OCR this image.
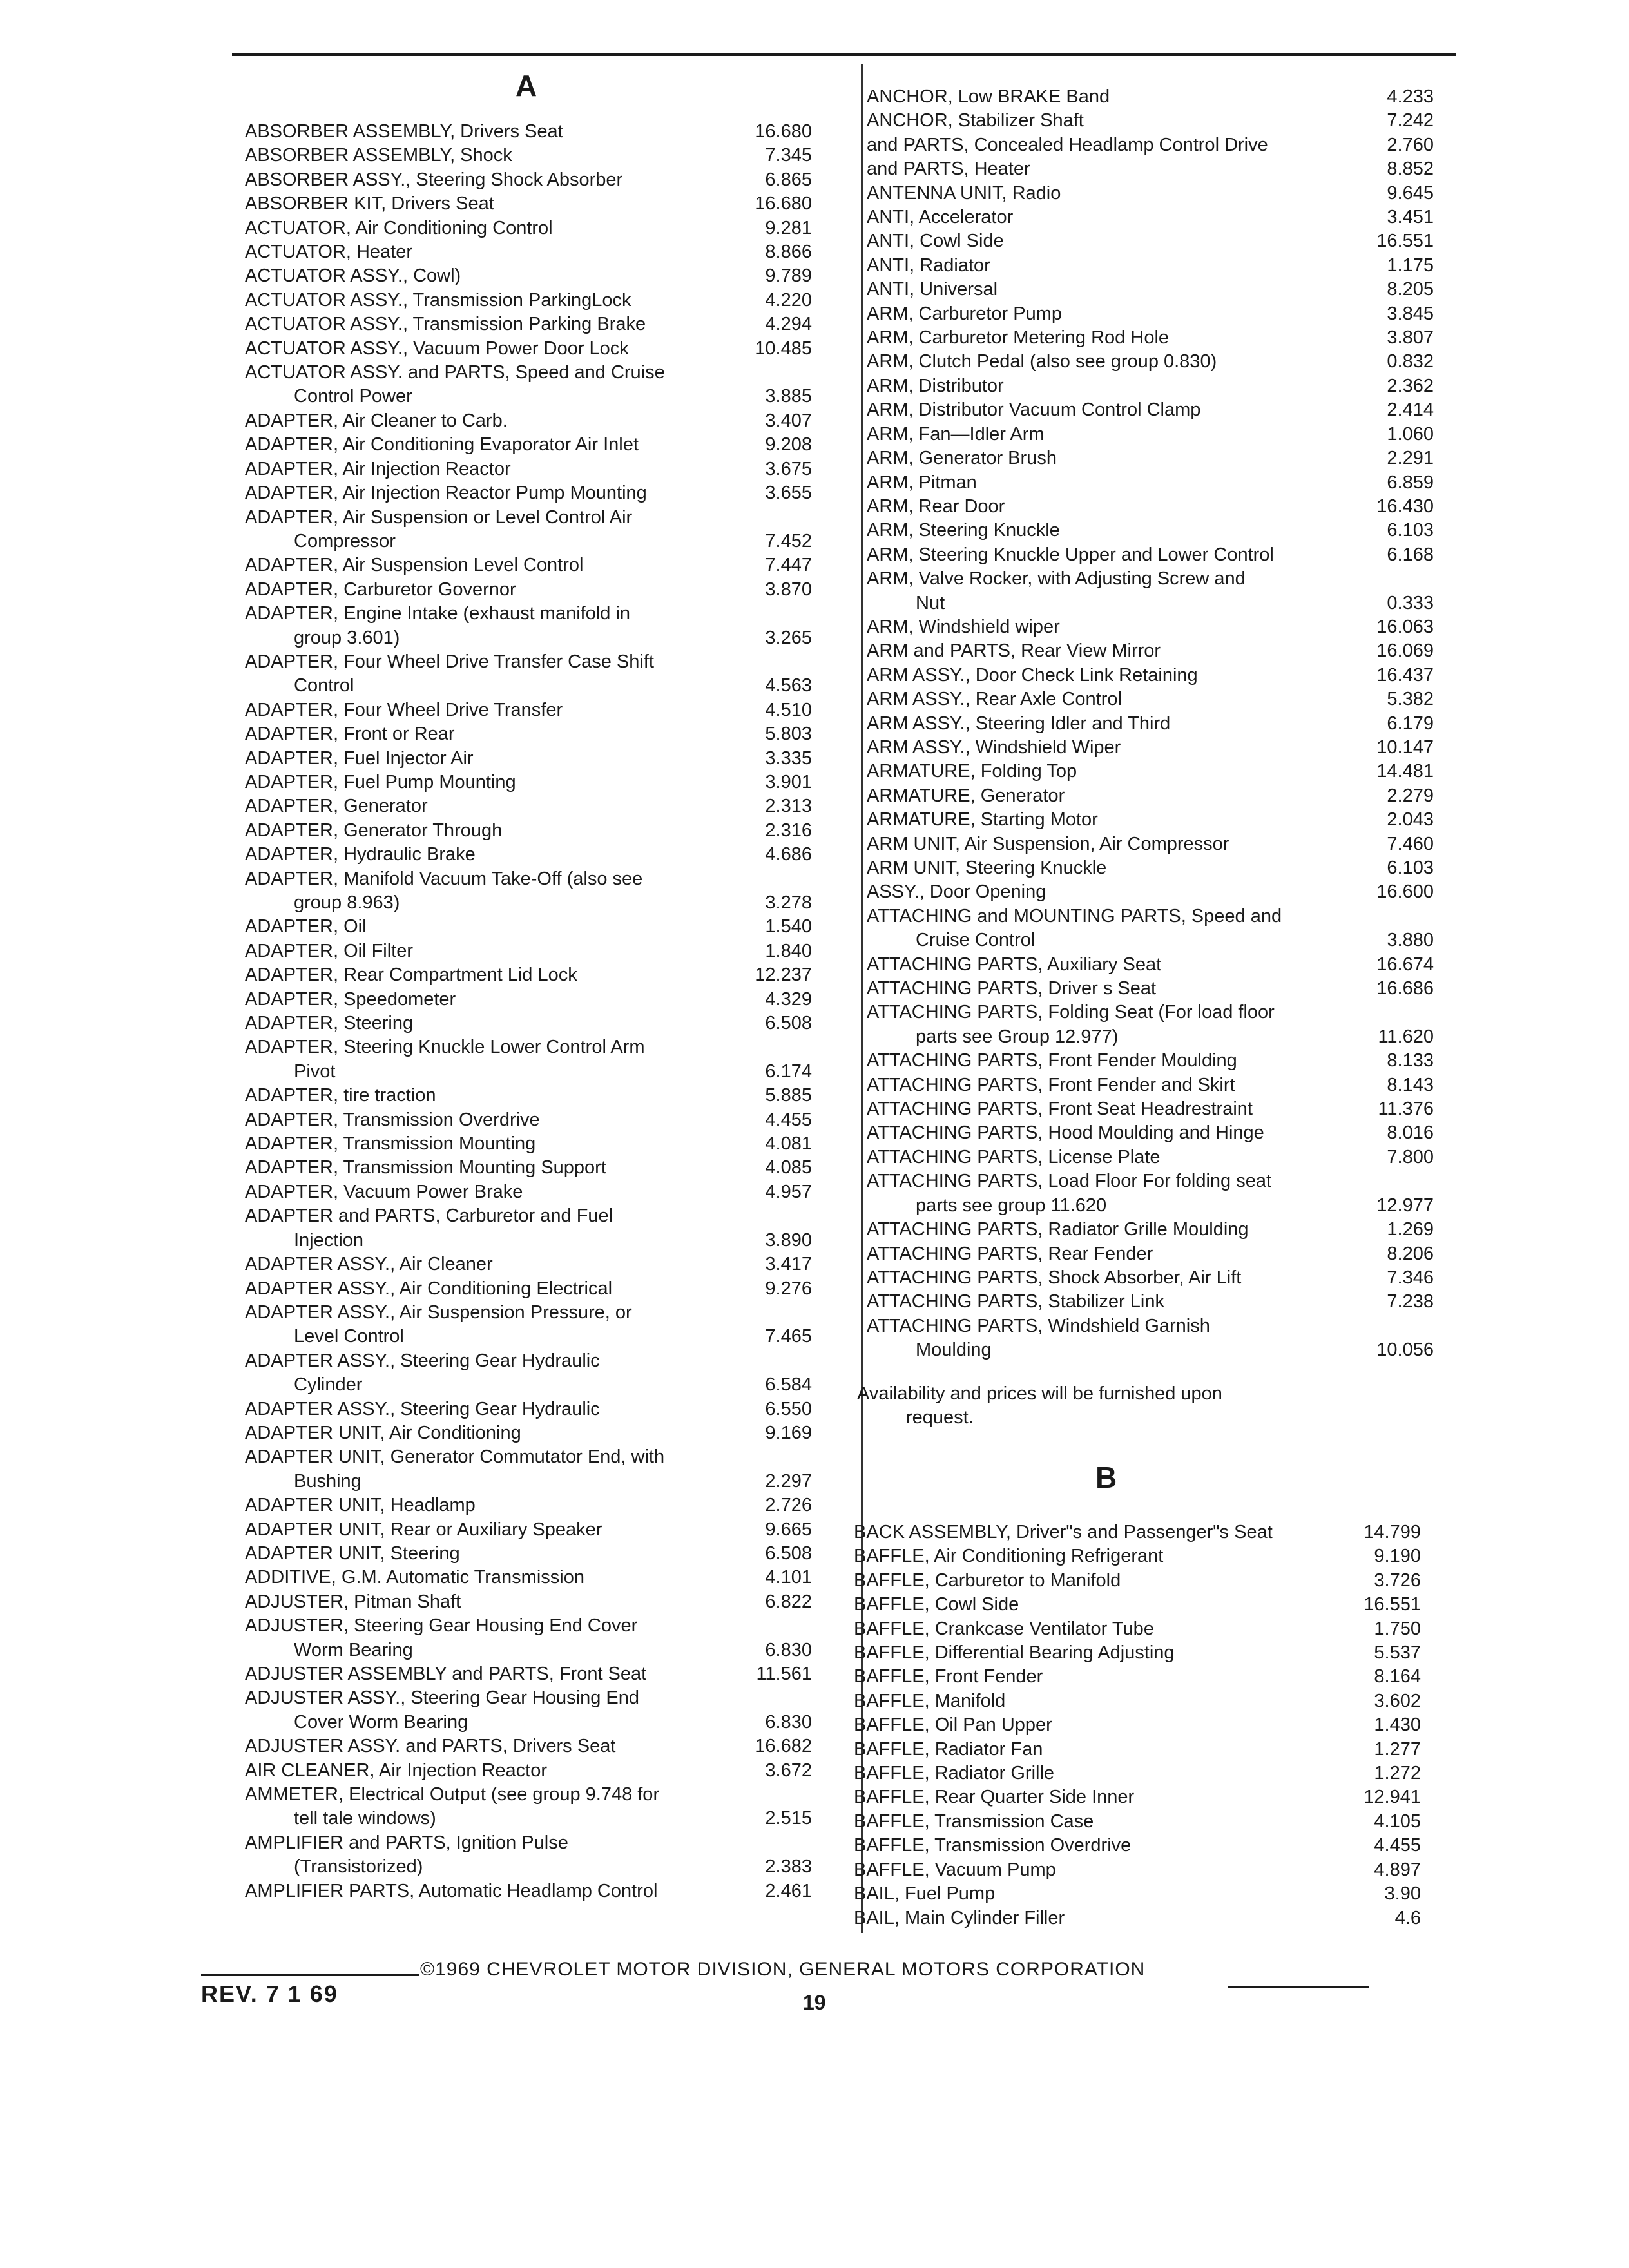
A
ABSORBER ASSEMBLY, Drivers Seat	16.680
ABSORBER ASSEMBLY, Shock	7.345
ABSORBER ASSY., Steering Shock Absorber	6.865
ABSORBER KIT, Drivers Seat	16.680
ACTUATOR, Air Conditioning Control	9.281
ACTUATOR, Heater	8.866
ACTUATOR ASSY., Cowl)	9.789
ACTUATOR ASSY., Transmission ParkingLock	4.220
ACTUATOR ASSY., Transmission Parking Brake	4.294
ACTUATOR ASSY., Vacuum Power Door Lock	10.485
ACTUATOR ASSY. and PARTS, Speed and Cruise
Control Power	3.885
ADAPTER, Air Cleaner to Carb.	3.407
ADAPTER, Air Conditioning Evaporator Air Inlet	9.208
ADAPTER, Air Injection Reactor	3.675
ADAPTER, Air Injection Reactor Pump Mounting	3.655
ADAPTER, Air Suspension or Level Control Air
Compressor	7.452
ADAPTER, Air Suspension Level Control	7.447
ADAPTER, Carburetor Governor	3.870
ADAPTER, Engine Intake (exhaust manifold in
group 3.601)	3.265
ADAPTER, Four Wheel Drive Transfer Case Shift
Control	4.563
ADAPTER, Four Wheel Drive Transfer	4.510
ADAPTER, Front or Rear	5.803
ADAPTER, Fuel Injector Air	3.335
ADAPTER, Fuel Pump Mounting	3.901
ADAPTER, Generator	2.313
ADAPTER, Generator Through	2.316
ADAPTER, Hydraulic Brake	4.686
ADAPTER, Manifold Vacuum Take-Off (also see
group 8.963)	3.278
ADAPTER, Oil	1.540
ADAPTER, Oil Filter	1.840
ADAPTER, Rear Compartment Lid Lock	12.237
ADAPTER, Speedometer	4.329
ADAPTER, Steering	6.508
ADAPTER, Steering Knuckle Lower Control Arm
Pivot	6.174
ADAPTER, tire traction	5.885
ADAPTER, Transmission Overdrive	4.455
ADAPTER, Transmission Mounting	4.081
ADAPTER, Transmission Mounting Support	4.085
ADAPTER, Vacuum Power Brake	4.957
ADAPTER and PARTS, Carburetor and Fuel
Injection	3.890
ADAPTER ASSY., Air Cleaner	3.417
ADAPTER ASSY., Air Conditioning Electrical	9.276
ADAPTER ASSY., Air Suspension Pressure, or
Level Control	7.465
ADAPTER ASSY., Steering Gear Hydraulic
Cylinder	6.584
ADAPTER ASSY., Steering Gear Hydraulic	6.550
ADAPTER UNIT, Air Conditioning	9.169
ADAPTER UNIT, Generator Commutator End, with
Bushing	2.297
ADAPTER UNIT, Headlamp	2.726
ADAPTER UNIT, Rear or Auxiliary Speaker	9.665
ADAPTER UNIT, Steering	6.508
ADDITIVE, G.M. Automatic Transmission	4.101
ADJUSTER, Pitman Shaft	6.822
ADJUSTER, Steering Gear Housing End Cover
Worm Bearing	6.830
ADJUSTER ASSEMBLY and PARTS, Front Seat	11.561
ADJUSTER ASSY., Steering Gear Housing End
Cover Worm Bearing	6.830
ADJUSTER ASSY. and PARTS, Drivers Seat	16.682
AIR CLEANER, Air Injection Reactor	3.672
AMMETER, Electrical Output (see group 9.748 for
tell tale windows)	2.515
AMPLIFIER and PARTS, Ignition Pulse
(Transistorized)	2.383
AMPLIFIER PARTS, Automatic Headlamp Control	2.461
ANCHOR, Low BRAKE Band	4.233
ANCHOR, Stabilizer Shaft	7.242
and PARTS, Concealed Headlamp Control Drive	2.760
and PARTS, Heater	8.852
ANTENNA UNIT, Radio	9.645
ANTI, Accelerator	3.451
ANTI, Cowl Side	16.551
ANTI, Radiator	1.175
ANTI, Universal	8.205
ARM, Carburetor Pump	3.845
ARM, Carburetor Metering Rod Hole	3.807
ARM, Clutch Pedal (also see group 0.830)	0.832
ARM, Distributor	2.362
ARM, Distributor Vacuum Control Clamp	2.414
ARM, Fan—Idler Arm	1.060
ARM, Generator Brush	2.291
ARM, Pitman	6.859
ARM, Rear Door	16.430
ARM, Steering Knuckle	6.103
ARM, Steering Knuckle Upper and Lower Control	6.168
ARM, Valve Rocker, with Adjusting Screw and
Nut	0.333
ARM, Windshield wiper	16.063
ARM and PARTS, Rear View Mirror	16.069
ARM ASSY., Door Check Link Retaining	16.437
ARM ASSY., Rear Axle Control	5.382
ARM ASSY., Steering Idler and Third	6.179
ARM ASSY., Windshield Wiper	10.147
ARMATURE, Folding Top	14.481
ARMATURE, Generator	2.279
ARMATURE, Starting Motor	2.043
ARM UNIT, Air Suspension, Air Compressor	7.460
ARM UNIT, Steering Knuckle	6.103
ASSY., Door Opening	16.600
ATTACHING and MOUNTING PARTS, Speed and
Cruise Control	3.880
ATTACHING PARTS, Auxiliary Seat	16.674
ATTACHING PARTS, Driver s Seat	16.686
ATTACHING PARTS, Folding Seat (For load floor
parts see Group 12.977)	11.620
ATTACHING PARTS, Front Fender Moulding	8.133
ATTACHING PARTS, Front Fender and Skirt	8.143
ATTACHING PARTS, Front Seat Headrestraint	11.376
ATTACHING PARTS, Hood Moulding and Hinge	8.016
ATTACHING PARTS, License Plate	7.800
ATTACHING PARTS, Load Floor For folding seat
parts see group 11.620	12.977
ATTACHING PARTS, Radiator Grille Moulding	1.269
ATTACHING PARTS, Rear Fender	8.206
ATTACHING PARTS, Shock Absorber, Air Lift	7.346
ATTACHING PARTS, Stabilizer Link	7.238
ATTACHING PARTS, Windshield Garnish
Moulding	10.056
Availability and prices will be furnished upon
request.
B
BACK ASSEMBLY, Driver"s and Passenger"s Seat	14.799
BAFFLE, Air Conditioning Refrigerant	9.190
BAFFLE, Carburetor to Manifold	3.726
BAFFLE, Cowl Side	16.551
BAFFLE, Crankcase Ventilator Tube	1.750
BAFFLE, Differential Bearing Adjusting	5.537
BAFFLE, Front Fender	8.164
BAFFLE, Manifold	3.602
BAFFLE, Oil Pan Upper	1.430
BAFFLE, Radiator Fan	1.277
BAFFLE, Radiator Grille	1.272
BAFFLE, Rear Quarter Side Inner	12.941
BAFFLE, Transmission Case	4.105
BAFFLE, Transmission Overdrive	4.455
BAFFLE, Vacuum Pump	4.897
BAIL, Fuel Pump	3.90
BAIL, Main Cylinder Filler	4.6
©1969 CHEVROLET MOTOR DIVISION, GENERAL MOTORS CORPORATION
REV. 7 1 69	19
